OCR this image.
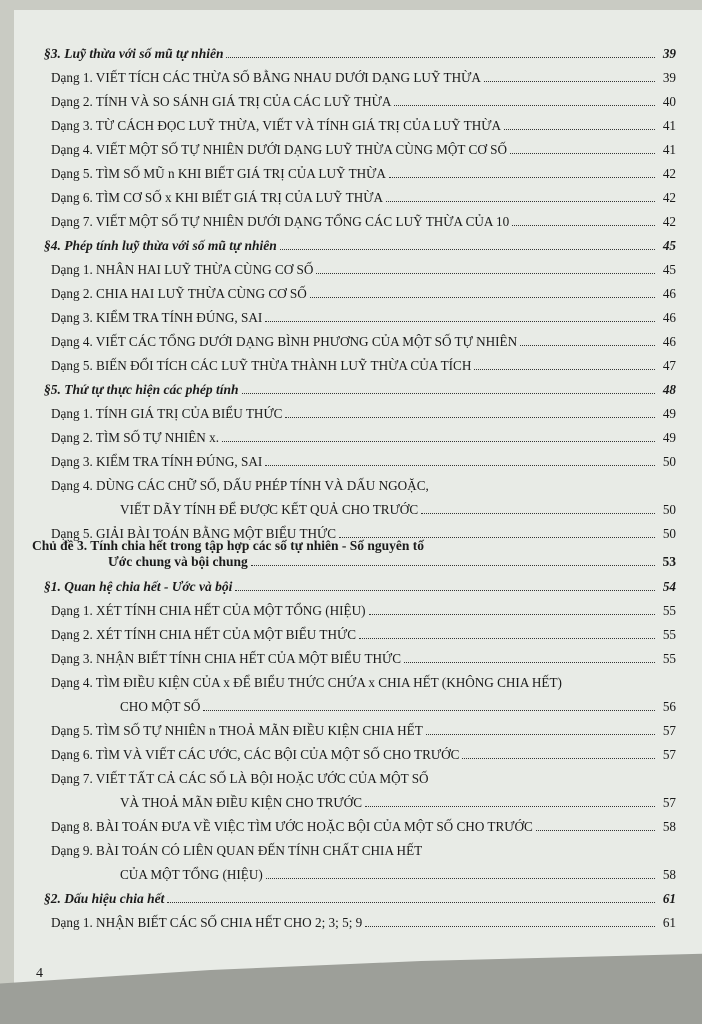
§3. Luỹ thừa với số mũ tự nhiên	39
Dạng 1. VIẾT TÍCH CÁC THỪA SỐ BẰNG NHAU DƯỚI DẠNG LUỸ THỪA	39
Dạng 2. TÍNH VÀ SO SÁNH GIÁ TRỊ CỦA CÁC LUỸ THỪA	40
Dạng 3. TỪ CÁCH ĐỌC LUỸ THỪA, VIẾT VÀ TÍNH GIÁ TRỊ CỦA LUỸ THỪA	41
Dạng 4. VIẾT MỘT SỐ TỰ NHIÊN DƯỚI DẠNG LUỸ THỪA CÙNG MỘT CƠ SỐ	41
Dạng 5. TÌM SỐ MŨ n KHI BIẾT GIÁ TRỊ CỦA LUỸ THỪA	42
Dạng 6. TÌM CƠ SỐ x KHI BIẾT GIÁ TRỊ CỦA LUỸ THỪA	42
Dạng 7. VIẾT MỘT SỐ TỰ NHIÊN DƯỚI DẠNG TỔNG CÁC LUỸ THỪA CỦA 10	42
§4. Phép tính luỹ thừa với số mũ tự nhiên	45
Dạng 1. NHÂN HAI LUỸ THỪA CÙNG CƠ SỐ	45
Dạng 2. CHIA HAI LUỸ THỪA CÙNG CƠ SỐ	46
Dạng 3. KIỂM TRA TÍNH ĐÚNG, SAI	46
Dạng 4. VIẾT CÁC TỔNG DƯỚI DẠNG BÌNH PHƯƠNG CỦA MỘT SỐ TỰ NHIÊN	46
Dạng 5. BIẾN ĐỔI TÍCH CÁC LUỸ THỪA THÀNH LUỸ THỪA CỦA TÍCH	47
§5. Thứ tự thực hiện các phép tính	48
Dạng 1. TÍNH GIÁ TRỊ CỦA BIỂU THỨC	49
Dạng 2. TÌM SỐ TỰ NHIÊN x.	49
Dạng 3. KIỂM TRA TÍNH ĐÚNG, SAI	50
Dạng 4. DÙNG CÁC CHỮ SỐ, DẤU PHÉP TÍNH VÀ DẤU NGOẶC,
VIẾT DÃY TÍNH ĐỂ ĐƯỢC KẾT QUẢ CHO TRƯỚC	50
Dạng 5. GIẢI BÀI TOÁN BẰNG MỘT BIỂU THỨC	50
Chủ đề 3. Tính chia hết trong tập hợp các số tự nhiên - Số nguyên tố
Ước chung và bội chung	53
§1. Quan hệ chia hết - Ước và bội	54
Dạng 1. XÉT TÍNH CHIA HẾT CỦA MỘT TỔNG (HIỆU)	55
Dạng 2. XÉT TÍNH CHIA HẾT CỦA MỘT BIỂU THỨC	55
Dạng 3. NHẬN BIẾT TÍNH CHIA HẾT CỦA MỘT BIỂU THỨC	55
Dạng 4. TÌM ĐIỀU KIỆN CỦA x ĐỂ BIỂU THỨC CHỨA x CHIA HẾT (KHÔNG CHIA HẾT)
CHO MỘT SỐ	56
Dạng 5. TÌM SỐ TỰ NHIÊN n THOẢ MÃN ĐIỀU KIỆN CHIA HẾT	57
Dạng 6. TÌM VÀ VIẾT CÁC ƯỚC, CÁC BỘI CỦA MỘT SỐ CHO TRƯỚC	57
Dạng 7. VIẾT TẤT CẢ CÁC SỐ LÀ BỘI HOẶC ƯỚC CỦA MỘT SỐ
VÀ THOẢ MÃN ĐIỀU KIỆN CHO TRƯỚC	57
Dạng 8. BÀI TOÁN ĐƯA VỀ VIỆC TÌM ƯỚC HOẶC BỘI CỦA MỘT SỐ CHO TRƯỚC	58
Dạng 9. BÀI TOÁN CÓ LIÊN QUAN ĐẾN TÍNH CHẤT CHIA HẾT
CỦA MỘT TỔNG (HIỆU)	58
§2. Dấu hiệu chia hết	61
Dạng 1. NHẬN BIẾT CÁC SỐ CHIA HẾT CHO 2; 3; 5; 9	61
4
